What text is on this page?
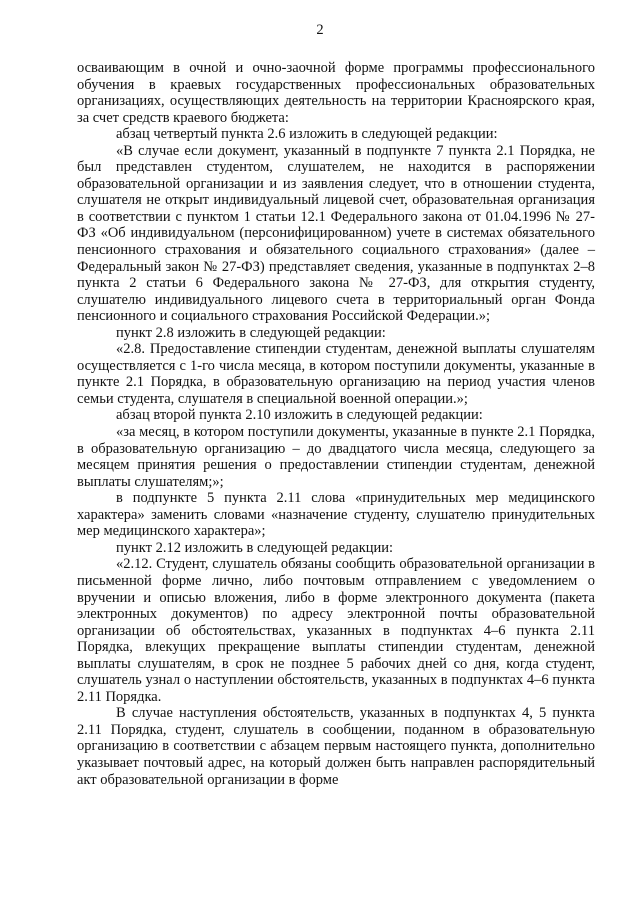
2

осваивающим в очной и очно-заочной форме программы профессионального обучения в краевых государственных профессиональных образовательных организациях, осуществляющих деятельность на территории Красноярского края, за счет средств краевого бюджета:

абзац четвертый пункта 2.6 изложить в следующей редакции:

«В случае если документ, указанный в подпункте 7 пункта 2.1 Порядка, не был представлен студентом, слушателем, не находится в распоряжении образовательной организации и из заявления следует, что в отношении студента, слушателя не открыт индивидуальный лицевой счет, образовательная организация в соответствии с пунктом 1 статьи 12.1 Федерального закона от 01.04.1996 № 27-ФЗ «Об индивидуальном (персонифицированном) учете в системах обязательного пенсионного страхования и обязательного социального страхования» (далее – Федеральный закон № 27-ФЗ) представляет сведения, указанные в подпунктах 2–8 пункта 2 статьи 6 Федерального закона № 27-ФЗ, для открытия студенту, слушателю индивидуального лицевого счета в территориальный орган Фонда пенсионного и социального страхования Российской Федерации.»;

пункт 2.8 изложить в следующей редакции:

«2.8. Предоставление стипендии студентам, денежной выплаты слушателям осуществляется с 1-го числа месяца, в котором поступили документы, указанные в пункте 2.1 Порядка, в образовательную организацию на период участия членов семьи студента, слушателя в специальной военной операции.»;

абзац второй пункта 2.10 изложить в следующей редакции:

«за месяц, в котором поступили документы, указанные в пункте 2.1 Порядка, в образовательную организацию – до двадцатого числа месяца, следующего за месяцем принятия решения о предоставлении стипендии студентам, денежной выплаты слушателям;»;

в подпункте 5 пункта 2.11 слова «принудительных мер медицинского характера» заменить словами «назначение студенту, слушателю принудительных мер медицинского характера»;

пункт 2.12 изложить в следующей редакции:

«2.12. Студент, слушатель обязаны сообщить образовательной организации в письменной форме лично, либо почтовым отправлением с уведомлением о вручении и описью вложения, либо в форме электронного документа (пакета электронных документов) по адресу электронной почты образовательной организации об обстоятельствах, указанных в подпунктах 4–6 пункта 2.11 Порядка, влекущих прекращение выплаты стипендии студентам, денежной выплаты слушателям, в срок не позднее 5 рабочих дней со дня, когда студент, слушатель узнал о наступлении обстоятельств, указанных в подпунктах 4–6 пункта 2.11 Порядка.

В случае наступления обстоятельств, указанных в подпунктах 4, 5 пункта 2.11 Порядка, студент, слушатель в сообщении, поданном в образовательную организацию в соответствии с абзацем первым настоящего пункта, дополнительно указывает почтовый адрес, на который должен быть направлен распорядительный акт образовательной организации в форме
